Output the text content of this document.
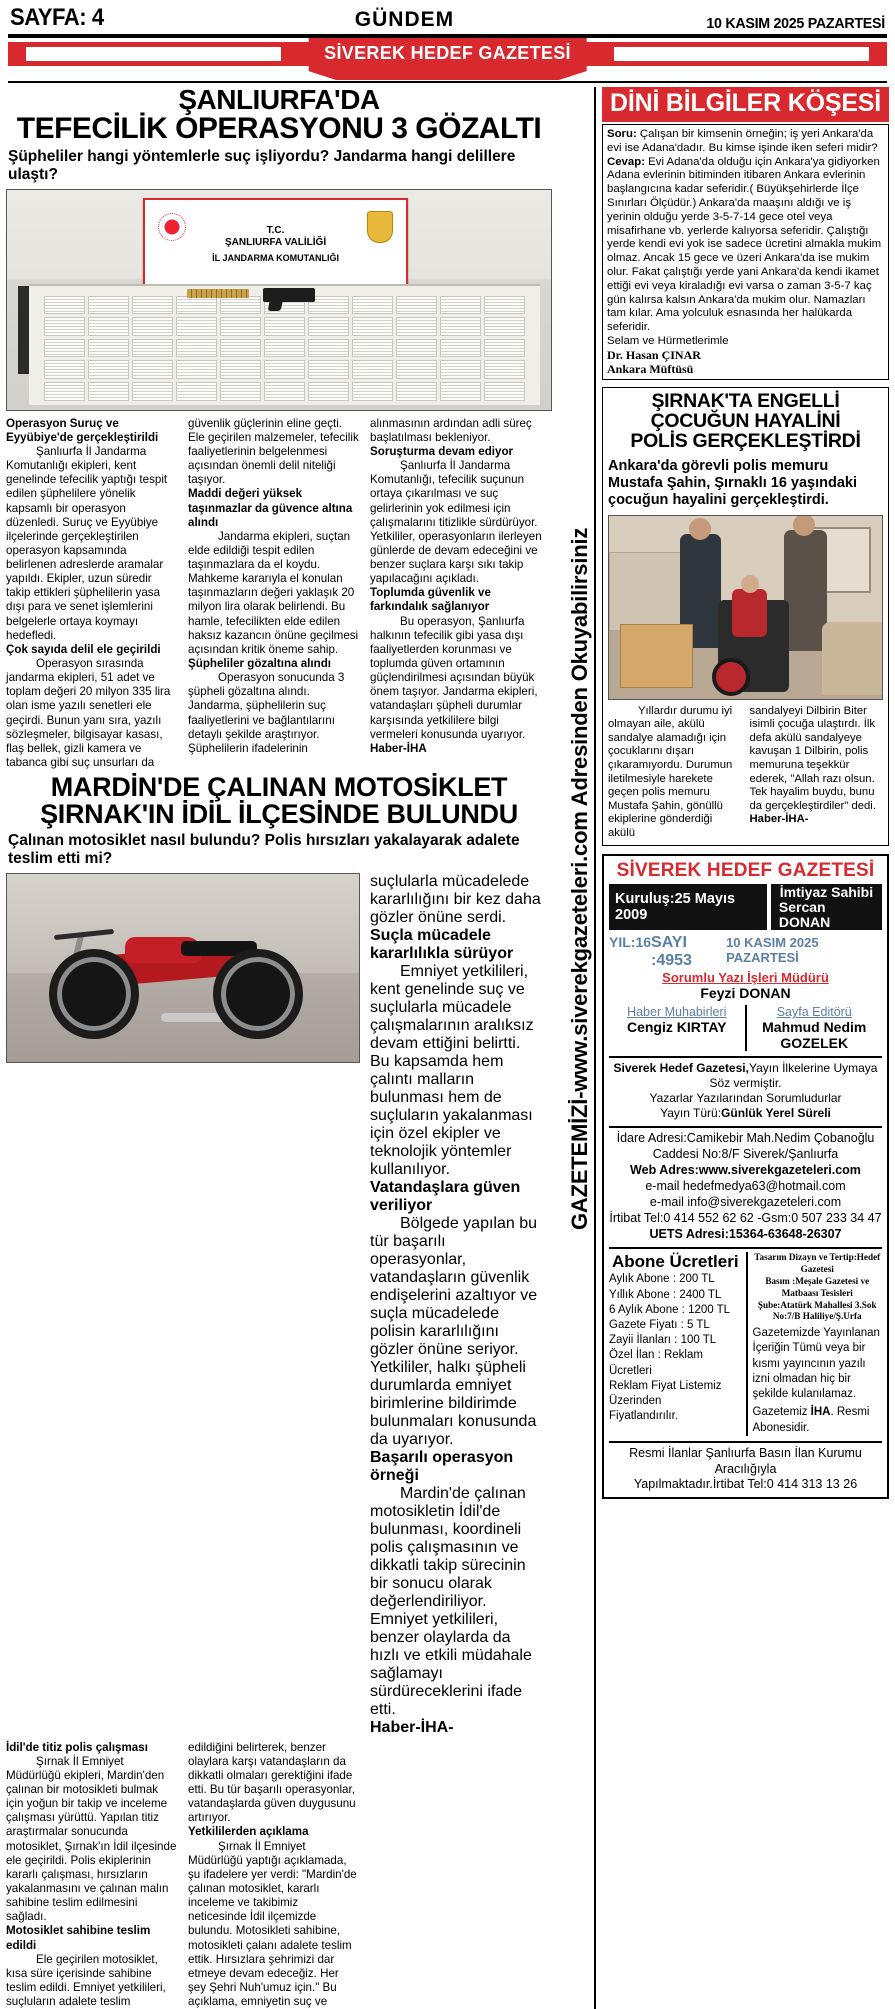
SAYFA: 4	GÜNDEM	10 KASIM 2025 PAZARTESİ
SİVEREK HEDEF GAZETESİ
ŞANLIURFA'DA
TEFECİLİK OPERASYONU 3 GÖZALTI
Şüpheliler hangi yöntemlerle suç işliyordu? Jandarma hangi delillere ulaştı?
T.C.
ŞANLIURFA VALİLİĞİ
İL JANDARMA KOMUTANLIĞI

Operasyon Suruç ve Eyyübiye'de gerçekleştirildi

Şanlıurfa İl Jandarma Komutanlığı ekipleri, kent genelinde tefecilik yaptığı tespit edilen şüphelilere yönelik kapsamlı bir operasyon düzenledi. Suruç ve Eyyübiye ilçelerinde gerçekleştirilen operasyon kapsamında belirlenen adreslerde aramalar yapıldı. Ekipler, uzun süredir takip ettikleri şüphelilerin yasa dışı para ve senet işlemlerini belgelerle ortaya koymayı hedefledi.

Çok sayıda delil ele geçirildi

Operasyon sırasında jandarma ekipleri, 51 adet ve toplam değeri 20 milyon 335 lira olan isme yazılı senetleri ele geçirdi. Bunun yanı sıra, yazılı sözleşmeler, bilgisayar kasası, flaş bellek, gizli kamera ve tabanca gibi suç unsurları da

güvenlik güçlerinin eline geçti. Ele geçirilen malzemeler, tefecilik faaliyetlerinin belgelenmesi açısından önemli delil niteliği taşıyor.

Maddi değeri yüksek taşınmazlar da güvence altına alındı

Jandarma ekipleri, suçtan elde edildiği tespit edilen taşınmazlara da el koydu. Mahkeme kararıyla el konulan taşınmazların değeri yaklaşık 20 milyon lira olarak belirlendi. Bu hamle, tefecilikten elde edilen haksız kazancın önüne geçilmesi açısından kritik öneme sahip.

Şüpheliler gözaltına alındı

Operasyon sonucunda 3 şüpheli gözaltına alındı. Jandarma, şüphelilerin suç faaliyetlerini ve bağlantılarını detaylı şekilde araştırıyor. Şüphelilerin ifadelerinin

alınmasının ardından adli süreç başlatılması bekleniyor.

Soruşturma devam ediyor

Şanlıurfa İl Jandarma Komutanlığı, tefecilik suçunun ortaya çıkarılması ve suç gelirlerinin yok edilmesi için çalışmalarını titizlikle sürdürüyor. Yetkililer, operasyonların ilerleyen günlerde de devam edeceğini ve benzer suçlara karşı sıkı takip yapılacağını açıkladı.

Toplumda güvenlik ve farkındalık sağlanıyor

Bu operasyon, Şanlıurfa halkının tefecilik gibi yasa dışı faaliyetlerden korunması ve toplumda güven ortamının güçlendirilmesi açısından büyük önem taşıyor. Jandarma ekipleri, vatandaşları şüpheli durumlar karşısında yetkililere bilgi vermeleri konusunda uyarıyor. Haber-İHA

MARDİN'DE ÇALINAN MOTOSİKLET
ŞIRNAK'IN İDİL İLÇESİNDE BULUNDU
Çalınan motosiklet nasıl bulundu? Polis hırsızları yakalayarak adalete teslim etti mi?

suçlularla mücadelede kararlılığını bir kez daha gözler önüne serdi.

Suçla mücadele kararlılıkla sürüyor

Emniyet yetkilileri, kent genelinde suç ve suçlularla mücadele çalışmalarının aralıksız devam ettiğini belirtti. Bu kapsamda hem çalıntı malların bulunması hem de suçluların yakalanması için özel ekipler ve teknolojik yöntemler kullanılıyor.

Vatandaşlara güven veriliyor

Bölgede yapılan bu tür başarılı operasyonlar, vatandaşların güvenlik endişelerini azaltıyor ve suçla mücadelede polisin kararlılığını gözler önüne seriyor. Yetkililer, halkı şüpheli durumlarda emniyet birimlerine bildirimde bulunmaları konusunda da uyarıyor.

Başarılı operasyon örneği

Mardin'de çalınan motosikletin İdil'de bulunması, koordineli polis çalışmasının ve dikkatli takip sürecinin bir sonucu olarak değerlendiriliyor. Emniyet yetkilileri, benzer olaylarda da hızlı ve etkili müdahale sağlamayı sürdüreceklerini ifade etti.

Haber-İHA-

İdil'de titiz polis çalışması

Şırnak İl Emniyet Müdürlüğü ekipleri, Mardin'den çalınan bir motosikleti bulmak için yoğun bir takip ve inceleme çalışması yürüttü. Yapılan titiz araştırmalar sonucunda motosiklet, Şırnak'ın İdil ilçesinde ele geçirildi. Polis ekiplerinin kararlı çalışması, hırsızların yakalanmasını ve çalınan malın sahibine teslim edilmesini sağladı.

Motosiklet sahibine teslim edildi

Ele geçirilen motosiklet, kısa süre içerisinde sahibine teslim edildi. Emniyet yetkilileri, suçluların adalete teslim

edildiğini belirterek, benzer olaylara karşı vatandaşların da dikkatli olmaları gerektiğini ifade etti. Bu tür başarılı operasyonlar, vatandaşlarda güven duygusunu artırıyor.

Yetkililerden açıklama

Şırnak İl Emniyet Müdürlüğü yaptığı açıklamada, şu ifadelere yer verdi: "Mardin'de çalınan motosiklet, kararlı inceleme ve takibimiz neticesinde İdil ilçemizde bulundu. Motosikleti sahibine, motosikleti çalanı adalete teslim ettik. Hırsızlara şehrimizi dar etmeye devam edeceğiz. Her şey Şehri Nuh'umuz için." Bu açıklama, emniyetin suç ve

GAZETEMİZİ-www.siverekgazeteleri.com Adresinden Okuyabilirsiniz
DİNİ BİLGİLER KÖŞESİ
Soru: Çalışan bir kimsenin örneğin; iş yeri Ankara'da evi ise Adana'dadır. Bu kimse işinde iken seferi midir?
Cevap: Evi Adana'da olduğu için Ankara'ya gidiyorken Adana evlerinin bitiminden itibaren Ankara evlerinin başlangıcına kadar seferidir.( Büyükşehirlerde İlçe Sınırları Ölçüdür.) Ankara'da maaşını aldığı ve iş yerinin olduğu yerde 3-5-7-14 gece otel veya misafirhane vb. yerlerde kalıyorsa seferidir. Çalıştığı yerde kendi evi yok ise sadece ücretini almakla mukim olmaz. Ancak 15 gece ve üzeri Ankara'da ise mukim olur. Fakat çalıştığı yerde yani Ankara'da kendi ikamet ettiği evi veya kiraladığı evi varsa o zaman 3-5-7 kaç gün kalırsa kalsın Ankara'da mukim olur. Namazları tam kılar. Ama yolculuk esnasında her halükarda seferidir.
Selam ve Hürmetlerimle
Dr. Hasan ÇINAR
Ankara Müftüsü
ŞIRNAK'TA ENGELLİ ÇOCUĞUN HAYALİNİ
POLİS GERÇEKLEŞTİRDİ
Ankara'da görevli polis memuru Mustafa Şahin, Şırnaklı 16 yaşındaki çocuğun hayalini gerçekleştirdi.

Yıllardır durumu iyi olmayan aile, akülü sandalye alamadığı için çocuklarını dışarı çıkaramıyordu. Durumun iletilmesiyle harekete geçen polis memuru Mustafa Şahin, gönüllü ekiplerine gönderdiği akülü

sandalyeyi Dilbirin Biter isimli çocuğa ulaştırdı. İlk defa akülü sandalyeye kavuşan 1 Dilbirin, polis memuruna teşekkür ederek, "Allah razı olsun. Tek hayalim buydu, bunu da gerçekleştirdiler" dedi. Haber-İHA-

SİVEREK HEDEF GAZETESİ
Kuruluş:25 Mayıs 2009
İmtiyaz Sahibi
Sercan DONAN
YIL:16 SAYI :4953
10 KASIM 2025 PAZARTESİ
Sorumlu Yazı İşleri Müdürü
Feyzi DONAN
Haber Muhabirleri
Cengiz KIRTAY
Sayfa Editörü
Mahmud Nedim GOZELEK
Siverek Hedef Gazetesi,Yayın İlkelerine Uymaya Söz vermiştir.
Yazarlar Yazılarından Sorumludurlar
Yayın Türü:Günlük Yerel Süreli
İdare Adresi:Camikebir Mah.Nedim Çobanoğlu
Caddesi No:8/F Siverek/Şanlıurfa
Web Adres:www.siverekgazeteleri.com
e-mail hedefmedya63@hotmail.com
e-mail info@siverekgazeteleri.com
İrtibat Tel:0 414 552 62 62 -Gsm:0 507 233 34 47
UETS Adresi:15364-63648-26307
Abone Ücretleri
Aylık Abone : 200 TL
Yıllık Abone : 2400 TL
6 Aylık Abone : 1200 TL
Gazete Fiyatı : 5 TL
Zayii İlanları : 100 TL
Özel İlan : Reklam Ücretleri
Reklam Fiyat Listemiz Üzerinden
Fiyatlandırılır.
Tasarım Dizayn ve Tertip:Hedef Gazetesi
Basım :Meşale Gazetesi ve Matbaası Tesisleri
Şube:Atatürk Mahallesi 3.Sok No:7/B Haliliye/Ş.Urfa
Gazetemizde Yayınlanan İçeriğin Tümü veya bir kısmı yayıncının yazılı izni olmadan hiç bir şekilde kulanılamaz.
Gazetemiz İHA. Resmi Abonesidir.
Resmi İlanlar Şanlıurfa Basın İlan Kurumu Aracılığıyla
Yapılmaktadır.İrtibat Tel:0 414 313 13 26
